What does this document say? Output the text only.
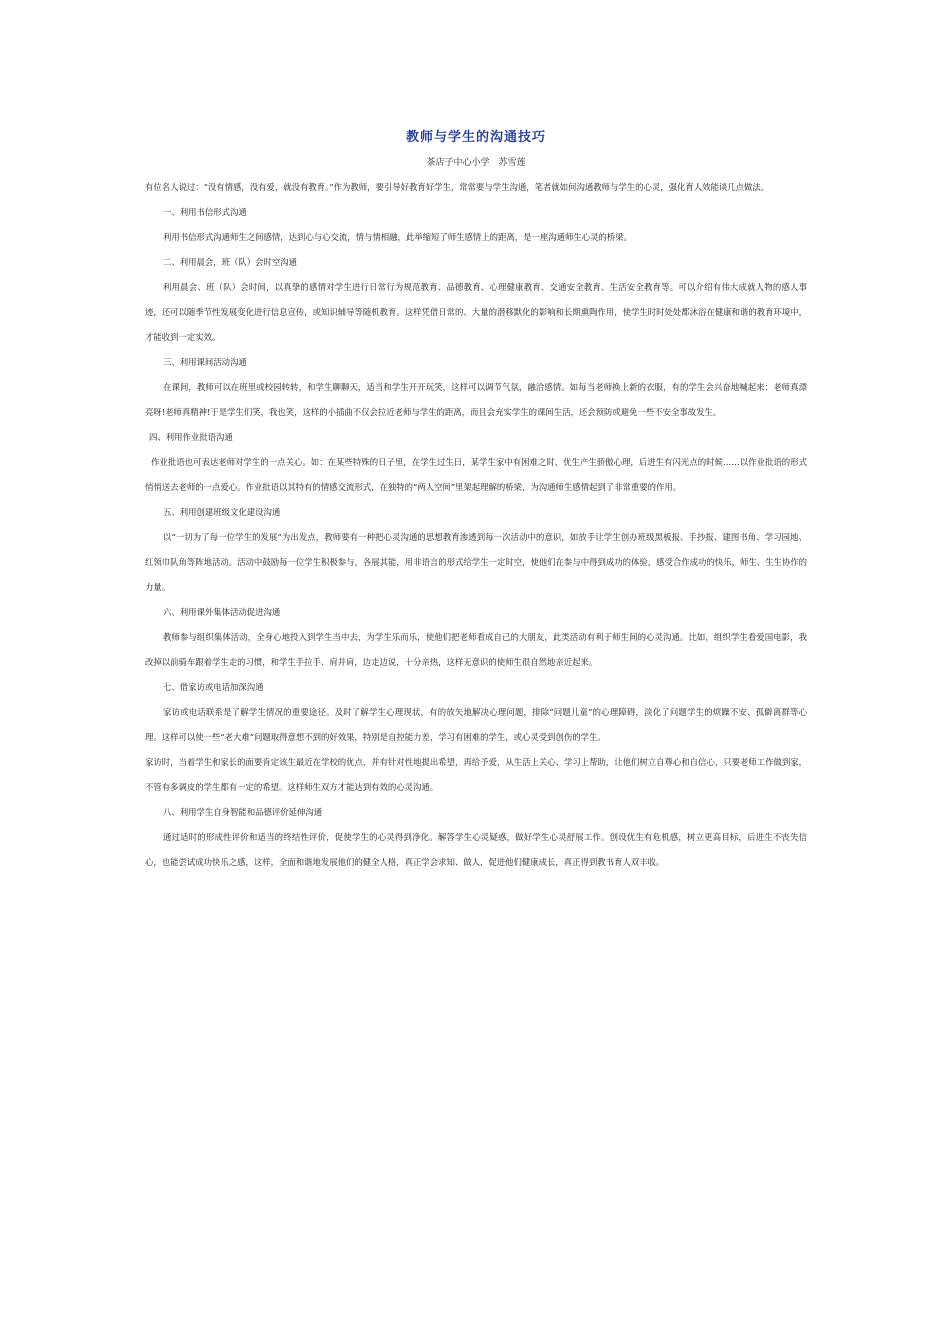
教师与学生的沟通技巧

茶店子中心小学　苏雪莲

有位名人说过：“没有情感，没有爱，就没有教育。”作为教师，要引导好教育好学生，常常要与学生沟通，笔者就如何沟通教师与学生的心灵，强化育人效能谈几点做法。

一、利用书信形式沟通

利用书信形式沟通师生之间感情，达到心与心交流，情与情相融，此举缩短了师生感情上的距离，是一座沟通师生心灵的桥梁。

二、利用晨会，班（队）会时空沟通

利用晨会、班（队）会时间，以真挚的感情对学生进行日常行为规范教育、品德教育、心理健康教育、交通安全教育、生活安全教育等。可以介绍有伟大成就人物的感人事迹，还可以随季节性发展变化进行信息宣传，或知识辅导等随机教育。这样凭借日常的、大量的潜移默化的影响和长期熏陶作用，使学生时时处处都沐浴在健康和谐的教育环境中，才能收到一定实效。

三、利用课间活动沟通

在课间，教师可以在班里或校园转转，和学生聊聊天，适当和学生开开玩笑，这样可以调节气氛，融洽感情。如每当老师换上新的衣服，有的学生会兴奋地喊起来：老师真漂亮呀!老师真精神!于是学生们笑，我也笑，这样的小插曲不仅会拉近老师与学生的距离，而且会充实学生的课间生活，还会预防或避免一些不安全事故发生。

四、利用作业批语沟通

作业批语也可表达老师对学生的一点关心。如：在某些特殊的日子里，在学生过生日，某学生家中有困难之时，优生产生骄傲心理，后进生有闪光点的时候……以作业批语的形式悄悄送去老师的一点爱心。作业批语以其特有的情感交流形式，在独特的“两人空间”里架起理解的桥梁，为沟通师生感情起到了非常重要的作用。

五、利用创建班级文化建设沟通

以“一切为了每一位学生的发展”为出发点，教师要有一种把心灵沟通的思想教育渗透到每一次活动中的意识，如放手让学生创办班级黑板报、手抄报、建图书角、学习园地、红领巾队角等阵地活动。活动中鼓励每一位学生积极参与，各展其能，用非语言的形式给学生一定时空，使他们在参与中得到成功的体验，感受合作成功的快乐，师生、生生协作的力量。

六、利用课外集体活动促进沟通

教师参与组织集体活动，全身心地投入到学生当中去，为学生乐而乐，使他们把老师看成自己的大朋友，此类活动有利于师生间的心灵沟通。比如，组织学生看爱国电影，我改掉以前骑车跟着学生走的习惯，和学生手拉手、肩并肩，边走边说，十分亲热，这样无意识的使师生很自然地亲近起来。

七、借家访或电话加深沟通

家访或电话联系是了解学生情况的重要途径。及时了解学生心理现状，有的放矢地解决心理问题，排除“问题儿童”的心理障碍，淡化了问题学生的烦躁不安、孤僻离群等心理。这样可以使一些“老大难”问题取得意想不到的好效果，特别是自控能力差，学习有困难的学生，或心灵受到创伤的学生。

家访时，当着学生和家长的面要肯定该生最近在学校的优点，并有针对性地提出希望，再给予爱，从生活上关心、学习上帮助，让他们树立自尊心和自信心，只要老师工作做到家，不管有多调皮的学生都有一定的希望。这样师生双方才能达到有效的心灵沟通。

八、利用学生自身智能和品德评价延伸沟通

通过适时的形成性评价和适当的终结性评价，促使学生的心灵得到净化。解答学生心灵疑惑，做好学生心灵舒展工作。创设优生有危机感，树立更高目标，后进生不丧失信心，也能尝试成功快乐之感，这样，全面和谐地发展他们的健全人格，真正学会求知、做人，促进他们健康成长，真正得到教书育人双丰收。
